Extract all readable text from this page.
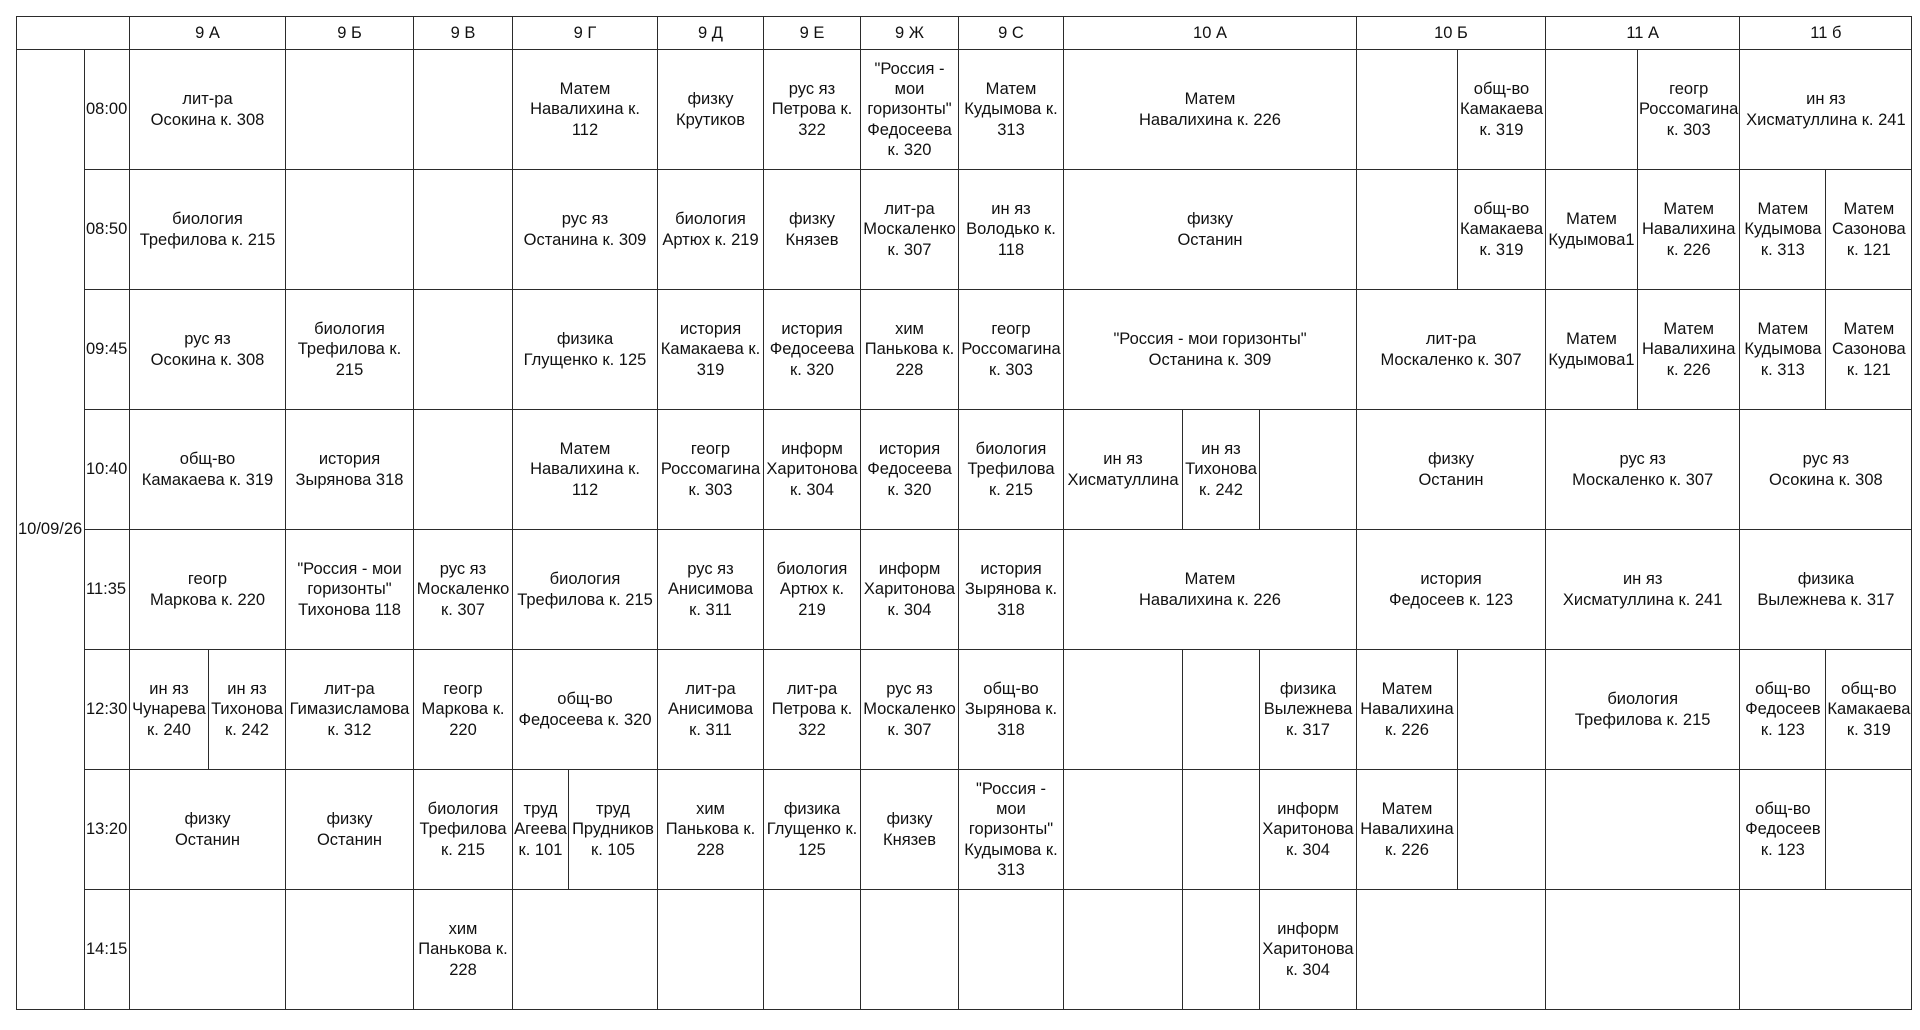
		9 А		9 Б	9 В	9 Г		9 Д	9 Е	9 Ж	9 С	10 А			10 Б		11 А		11 б	
10/09/26	08:00	лит-ра
Осокина к. 308				Матем
Навалихина к.
112		физку
Крутиков	рус яз
Петрова к.
322	"Россия -
мои
горизонты"
Федосеева
к. 320	Матем
Кудымова к.
313	Матем
Навалихина к. 226				общ-во
Камакаева
к. 319		геогр
Россомагина
к. 303	ин яз
Хисматуллина к. 241	

	08:50	биология
Трефилова к. 215				рус яз
Останина к. 309		биология
Артюх к. 219	физку
Князев	лит-ра
Москаленко
к. 307	ин яз
Володько к.
118	физку
Останин				общ-во
Камакаева
к. 319	Матем
Кудымова1	Матем
Навалихина
к. 226	Матем
Кудымова
к. 313	Матем
Сазонова
к. 121

	09:45	рус яз
Осокина к. 308		биология
Трефилова к.
215		физика
Глущенко к. 125		история
Камакаева к.
319	история
Федосеева
к. 320	хим
Панькова к.
228	геогр
Россомагина
к. 303	"Россия - мои горизонты"
Останина к. 309			лит-ра
Москаленко к. 307		Матем
Кудымова1	Матем
Навалихина
к. 226	Матем
Кудымова
к. 313	Матем
Сазонова
к. 121

	10:40	общ-во
Камакаева к. 319		история
Зырянова 318		Матем
Навалихина к.
112		геогр
Россомагина
к. 303	информ
Харитонова
к. 304	история
Федосеева
к. 320	биология
Трефилова
к. 215	ин яз
Хисматуллина	ин яз
Тихонова
к. 242		физку
Останин		рус яз
Москаленко к. 307		рус яз
Осокина к. 308	

	11:35	геогр
Маркова к. 220		"Россия - мои
горизонты"
Тихонова 118	рус яз
Москаленко
к. 307	биология
Трефилова к. 215		рус яз
Анисимова
к. 311	биология
Артюх к.
219	информ
Харитонова
к. 304	история
Зырянова к.
318	Матем
Навалихина к. 226			история
Федосеев к. 123		ин яз
Хисматуллина к. 241		физика
Вылежнева к. 317	

	12:30	ин яз
Чунарева
к. 240	ин яз
Тихонова
к. 242	лит-ра
Гимазисламова
к. 312	геогр
Маркова к.
220	общ-во
Федосеева к. 320		лит-ра
Анисимова
к. 311	лит-ра
Петрова к.
322	рус яз
Москаленко
к. 307	общ-во
Зырянова к.
318			физика
Вылежнева
к. 317	Матем
Навалихина
к. 226		биология
Трефилова к. 215		общ-во
Федосеев
к. 123	общ-во
Камакаева
к. 319

	13:20	физку
Останин		физку
Останин	биология
Трефилова
к. 215	труд
Агеева
к. 101	труд
Прудников
к. 105	хим
Панькова к.
228	физика
Глущенко к.
125	физку
Князев	"Россия -
мои
горизонты"
Кудымова к.
313			информ
Харитонова
к. 304	Матем
Навалихина
к. 226				общ-во
Федосеев
к. 123	

	14:15				хим
Панькова к.
228									информ
Харитонова
к. 304						
